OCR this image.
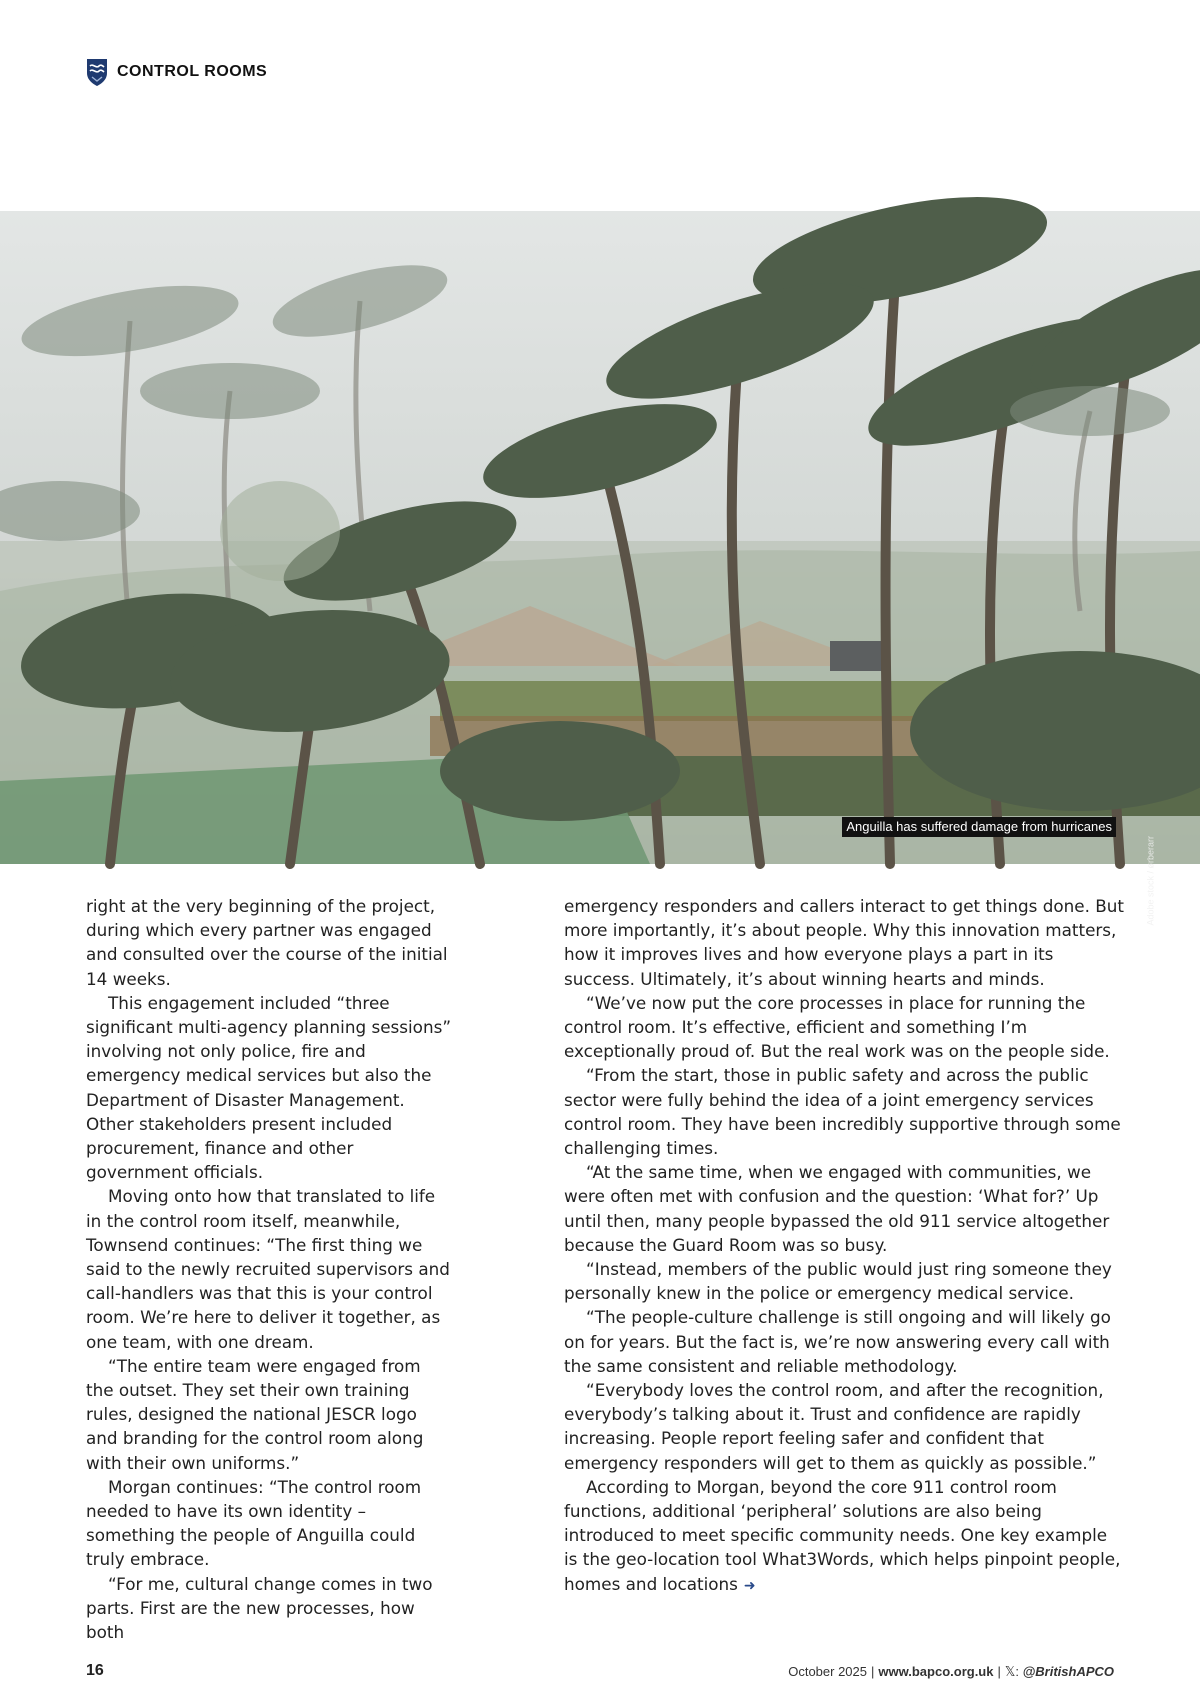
CONTROL ROOMS
Anguilla has suffered damage from hurricanes
Adobe stock / ørberarr

right at the very beginning of the project, during which every partner was engaged and consulted over the course of the initial 14 weeks.

This engagement included “three significant multi-agency planning sessions” involving not only police, fire and emergency medical services but also the Department of Disaster Management. Other stakeholders present included procurement, finance and other government officials.

Moving onto how that translated to life in the control room itself, meanwhile, Townsend continues: “The first thing we said to the newly recruited supervisors and call-handlers was that this is your control room. We’re here to deliver it together, as one team, with one dream.

“The entire team were engaged from the outset. They set their own training rules, designed the national JESCR logo and branding for the control room along with their own uniforms.”

Morgan continues: “The control room needed to have its own identity – something the people of Anguilla could truly embrace.

“For me, cultural change comes in two parts. First are the new processes, how both

emergency responders and callers interact to get things done. But more importantly, it’s about people. Why this innovation matters, how it improves lives and how everyone plays a part in its success. Ultimately, it’s about winning hearts and minds.

“We’ve now put the core processes in place for running the control room. It’s effective, efficient and something I’m exceptionally proud of. But the real work was on the people side.

“From the start, those in public safety and across the public sector were fully behind the idea of a joint emergency services control room. They have been incredibly supportive through some challenging times.

“At the same time, when we engaged with communities, we were often met with confusion and the question: ‘What for?’ Up until then, many people bypassed the old 911 service altogether because the Guard Room was so busy.

“Instead, members of the public would just ring someone they personally knew in the police or emergency medical service.

“The people-culture challenge is still ongoing and will likely go on for years. But the fact is, we’re now answering every call with the same consistent and reliable methodology.

“Everybody loves the control room, and after the recognition, everybody’s talking about it. Trust and confidence are rapidly increasing. People report feeling safer and confident that emergency responders will get to them as quickly as possible.”

According to Morgan, beyond the core 911 control room functions, additional ‘peripheral’ solutions are also being introduced to meet specific community needs. One key example is the geo-location tool What3Words, which helps pinpoint people, homes and locations ➜

16	October 2025 | www.bapco.org.uk | 𝕏: @BritishAPCO
